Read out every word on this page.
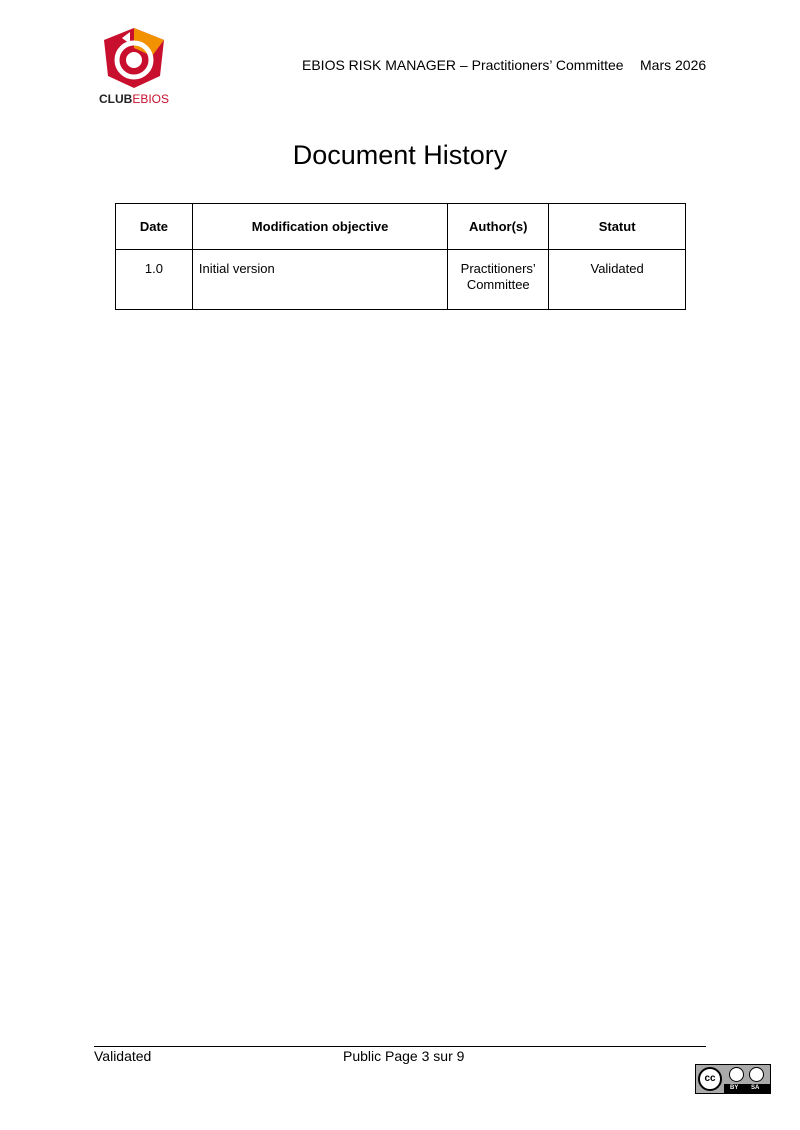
CLUBEBIOS
EBIOS RISK MANAGER – Practitioners’ Committee Mars 2026
Document History
Date	Modification objective	Author(s)	Statut
1.0	Initial version	Practitioners’ Committee	Validated
Validated	Public Page 3 sur 9
cc
BY SA
